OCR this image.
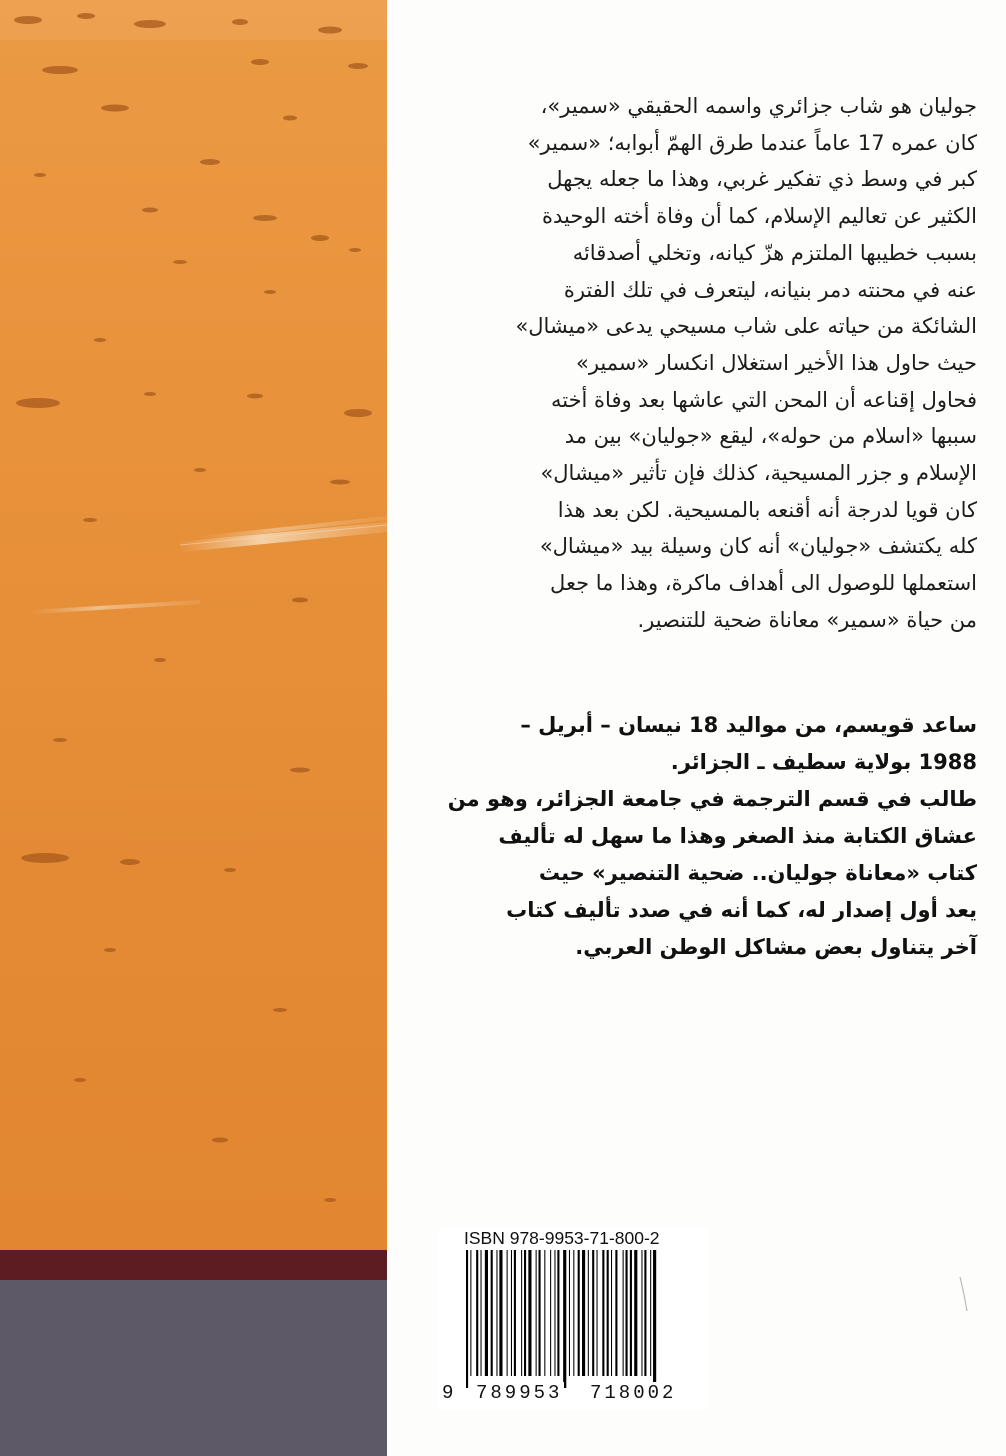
جوليان هو شاب جزائري واسمه الحقيقي «سمير»،
كان عمره 17 عاماً عندما طرق الهمّ أبوابه؛ «سمير»
كبر في وسط ذي تفكير غربي، وهذا ما جعله يجهل
الكثير عن تعاليم الإسلام، كما أن وفاة أخته الوحيدة
بسبب خطيبها الملتزم هزّ كيانه، وتخلي أصدقائه
عنه في محنته دمر بنيانه، ليتعرف في تلك الفترة
الشائكة من حياته على شاب مسيحي يدعى «ميشال»
حيث حاول هذا الأخير استغلال انكسار «سمير»
فحاول إقناعه أن المحن التي عاشها بعد وفاة أخته
سببها «اسلام من حوله»، ليقع «جوليان» بين مد
الإسلام و جزر المسيحية، كذلك فإن تأثير «ميشال»
كان قويا لدرجة أنه أقنعه بالمسيحية. لكن بعد هذا
كله يكتشف «جوليان» أنه كان وسيلة بيد «ميشال»
استعملها للوصول الى أهداف ماكرة، وهذا ما جعل
من حياة «سمير» معاناة ضحية للتنصير.

ساعد قويسم، من مواليد 18 نيسان – أبريل –

1988 بولاية سطيف ـ الجزائر.

طالب في قسم الترجمة في جامعة الجزائر، وهو من

عشاق الكتابة منذ الصغر وهذا ما سهل له تأليف

كتاب «معاناة جوليان.. ضحية التنصير» حيث

يعد أول إصدار له، كما أنه في صدد تأليف كتاب

آخر يتناول بعض مشاكل الوطن العربي.

ISBN 978-9953-71-800-2
9 789953 718002
